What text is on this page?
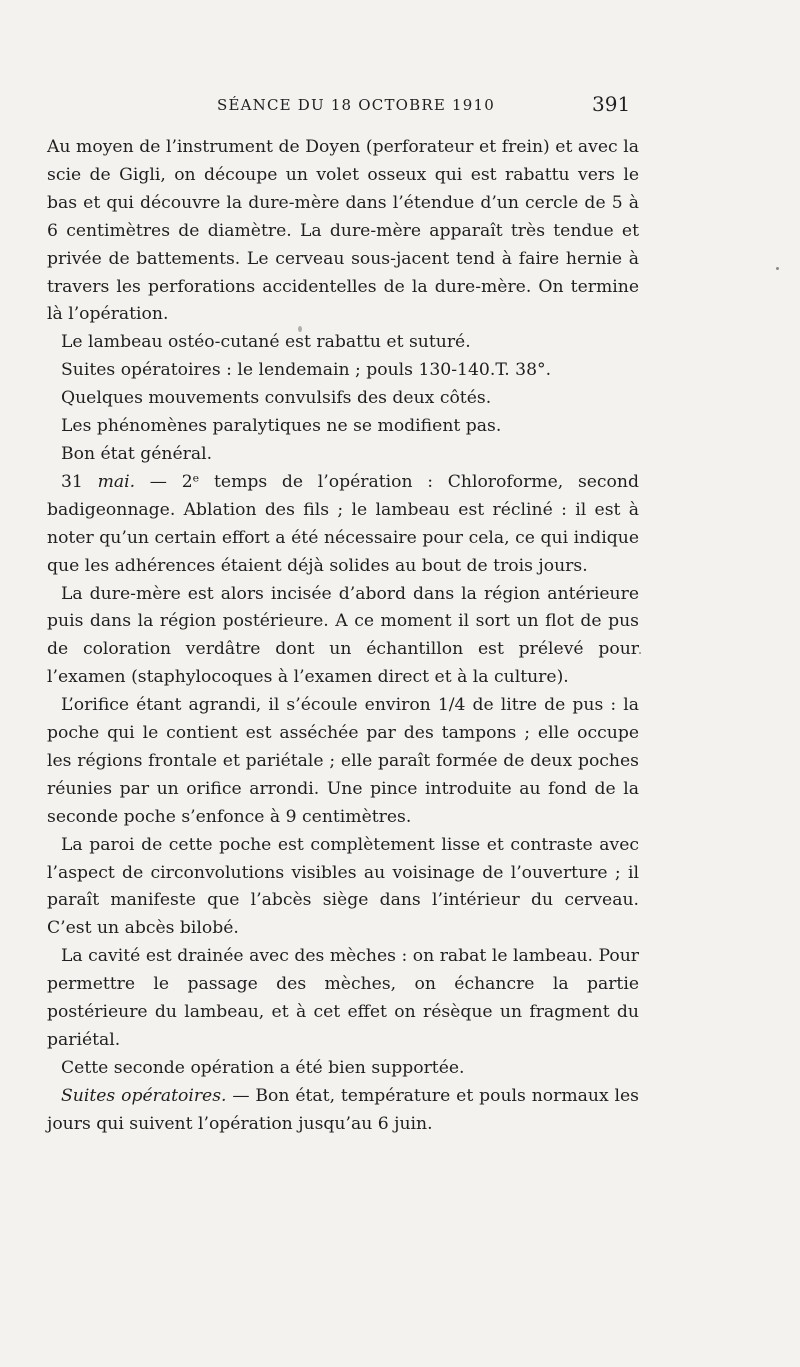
SÉANCE DU 18 OCTOBRE 1910	391

Au moyen de l’instrument de Doyen (perforateur et frein) et avec la scie de Gigli, on découpe un volet osseux qui est rabattu vers le bas et qui découvre la dure-mère dans l’étendue d’un cercle de 5 à 6 centimètres de diamètre. La dure-mère apparaît très tendue et privée de battements. Le cerveau sous-jacent tend à faire hernie à travers les perforations accidentelles de la dure-mère. On termine là l’opération.

Le lambeau ostéo-cutané est rabattu et suturé.

Suites opératoires : le lendemain ; pouls 130-140.T. 38°.

Quelques mouvements convulsifs des deux côtés.

Les phénomènes paralytiques ne se modifient pas.

Bon état général.

31 mai. — 2ᵉ temps de l’opération : Chloroforme, second badigeonnage. Ablation des fils ; le lambeau est récliné : il est à noter qu’un certain effort a été nécessaire pour cela, ce qui indique que les adhérences étaient déjà solides au bout de trois jours.

La dure-mère est alors incisée d’abord dans la région antérieure puis dans la région postérieure. A ce moment il sort un flot de pus de coloration verdâtre dont un échantillon est prélevé pour l’examen (staphylocoques à l’examen direct et à la culture).

L’orifice étant agrandi, il s’écoule environ 1/4 de litre de pus : la poche qui le contient est asséchée par des tampons ; elle occupe les régions frontale et pariétale ; elle paraît formée de deux poches réunies par un orifice arrondi. Une pince introduite au fond de la seconde poche s’enfonce à 9 centimètres.

La paroi de cette poche est complètement lisse et contraste avec l’aspect de circonvolutions visibles au voisinage de l’ouverture ; il paraît manifeste que l’abcès siège dans l’intérieur du cerveau. C’est un abcès bilobé.

La cavité est drainée avec des mèches : on rabat le lambeau. Pour permettre le passage des mèches, on échancre la partie postérieure du lambeau, et à cet effet on résèque un fragment du pariétal.

Cette seconde opération a été bien supportée.

Suites opératoires. — Bon état, température et pouls normaux les jours qui suivent l’opération jusqu’au 6 juin.
